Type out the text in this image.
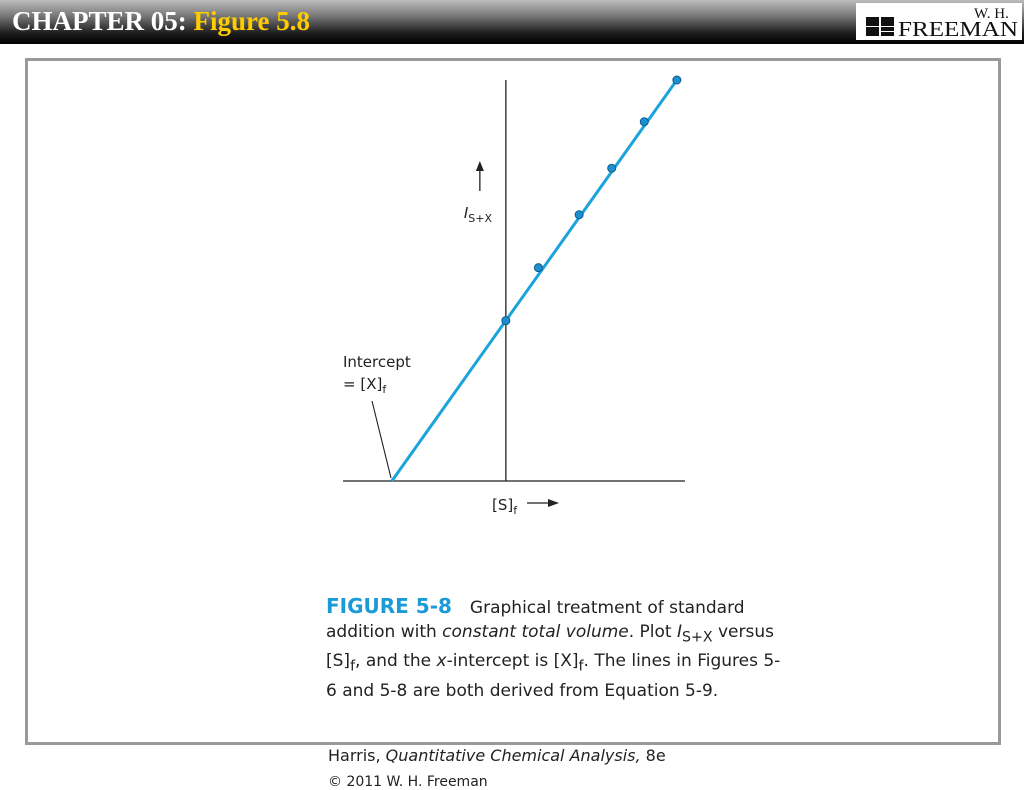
CHAPTER 05: Figure 5.8	W. H.
FREEMAN
$I_{S+X}$
$[S]_f$
Intercept
= $[X]_f$
FIGURE 5-8 Graphical treatment of standard addition with constant total volume. Plot $I_{S+X}$ versus $[S]_f$, and the x-intercept is $[X]_f$. The lines in Figures 5-6 and 5-8 are both derived from Equation 5-9.
Harris, Quantitative Chemical Analysis, 8e
© 2011 W. H. Freeman
